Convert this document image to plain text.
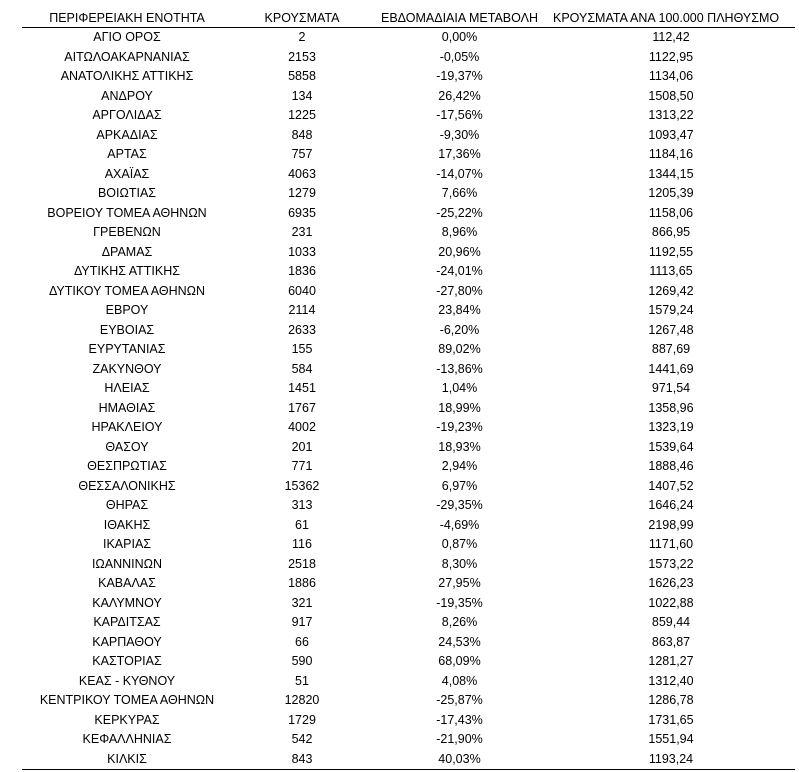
ΠΕΡΙΦΕΡΕΙΑΚΗ ΕΝΟΤΗΤΑ	ΚΡΟΥΣΜΑΤΑ	ΕΒΔΟΜΑΔΙΑΙΑ ΜΕΤΑΒΟΛΗ	ΚΡΟΥΣΜΑΤΑ ΑΝΑ 100.000 ΠΛΗΘΥΣΜΟ
ΑΓΙΟ ΟΡΟΣ	2	0,00%	112,42
ΑΙΤΩΛΟΑΚΑΡΝΑΝΙΑΣ	2153	-0,05%	1122,95
ΑΝΑΤΟΛΙΚΗΣ ΑΤΤΙΚΗΣ	5858	-19,37%	1134,06
ΑΝΔΡΟΥ	134	26,42%	1508,50
ΑΡΓΟΛΙΔΑΣ	1225	-17,56%	1313,22
ΑΡΚΑΔΙΑΣ	848	-9,30%	1093,47
ΑΡΤΑΣ	757	17,36%	1184,16
ΑΧΑΪΑΣ	4063	-14,07%	1344,15
ΒΟΙΩΤΙΑΣ	1279	7,66%	1205,39
ΒΟΡΕΙΟΥ ΤΟΜΕΑ ΑΘΗΝΩΝ	6935	-25,22%	1158,06
ΓΡΕΒΕΝΩΝ	231	8,96%	866,95
ΔΡΑΜΑΣ	1033	20,96%	1192,55
ΔΥΤΙΚΗΣ ΑΤΤΙΚΗΣ	1836	-24,01%	1113,65
ΔΥΤΙΚΟΥ ΤΟΜΕΑ ΑΘΗΝΩΝ	6040	-27,80%	1269,42
ΕΒΡΟΥ	2114	23,84%	1579,24
ΕΥΒΟΙΑΣ	2633	-6,20%	1267,48
ΕΥΡΥΤΑΝΙΑΣ	155	89,02%	887,69
ΖΑΚΥΝΘΟΥ	584	-13,86%	1441,69
ΗΛΕΙΑΣ	1451	1,04%	971,54
ΗΜΑΘΙΑΣ	1767	18,99%	1358,96
ΗΡΑΚΛΕΙΟΥ	4002	-19,23%	1323,19
ΘΑΣΟΥ	201	18,93%	1539,64
ΘΕΣΠΡΩΤΙΑΣ	771	2,94%	1888,46
ΘΕΣΣΑΛΟΝΙΚΗΣ	15362	6,97%	1407,52
ΘΗΡΑΣ	313	-29,35%	1646,24
ΙΘΑΚΗΣ	61	-4,69%	2198,99
ΙΚΑΡΙΑΣ	116	0,87%	1171,60
ΙΩΑΝΝΙΝΩΝ	2518	8,30%	1573,22
ΚΑΒΑΛΑΣ	1886	27,95%	1626,23
ΚΑΛΥΜΝΟΥ	321	-19,35%	1022,88
ΚΑΡΔΙΤΣΑΣ	917	8,26%	859,44
ΚΑΡΠΑΘΟΥ	66	24,53%	863,87
ΚΑΣΤΟΡΙΑΣ	590	68,09%	1281,27
ΚΕΑΣ - ΚΥΘΝΟΥ	51	4,08%	1312,40
ΚΕΝΤΡΙΚΟΥ ΤΟΜΕΑ ΑΘΗΝΩΝ	12820	-25,87%	1286,78
ΚΕΡΚΥΡΑΣ	1729	-17,43%	1731,65
ΚΕΦΑΛΛΗΝΙΑΣ	542	-21,90%	1551,94
ΚΙΛΚΙΣ	843	40,03%	1193,24
